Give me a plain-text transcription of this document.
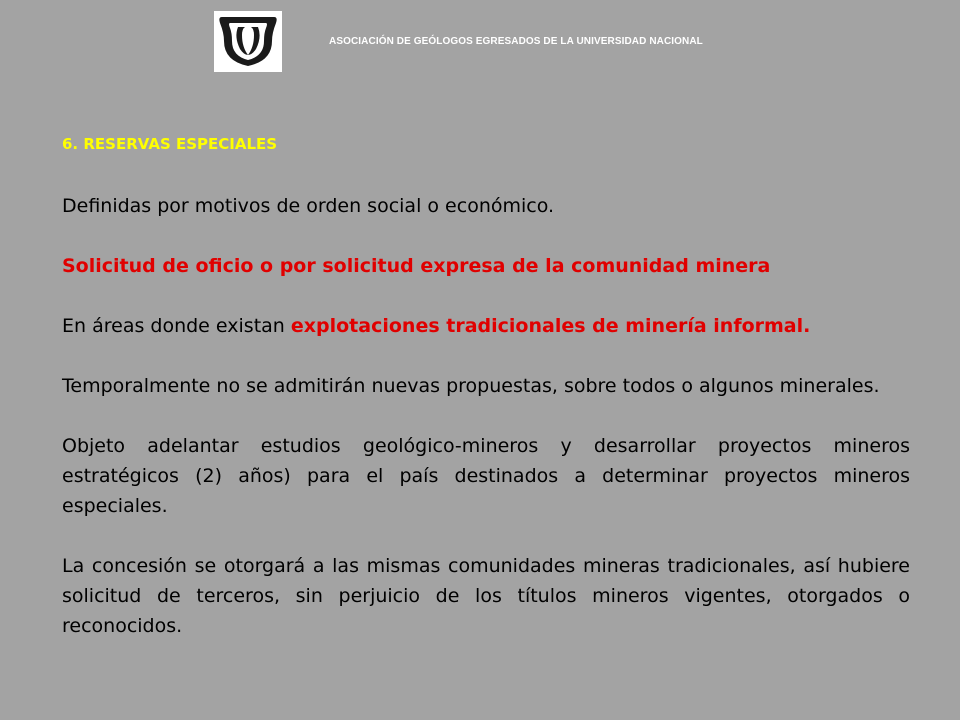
ASOCIACIÓN DE GEÓLOGOS EGRESADOS DE LA UNIVERSIDAD NACIONAL

6. RESERVAS ESPECIALES

Definidas por motivos de orden social o económico.

Solicitud de oficio o por solicitud expresa de la comunidad minera

En áreas donde existan explotaciones tradicionales de minería informal.

Temporalmente no se admitirán nuevas propuestas, sobre todos o algunos minerales.

Objeto adelantar estudios geológico-mineros y desarrollar proyectos mineros estratégicos (2) años) para el país destinados a determinar proyectos mineros especiales.

La concesión se otorgará a las mismas comunidades mineras tradicionales, así hubiere solicitud de terceros, sin perjuicio de los títulos mineros vigentes, otorgados o reconocidos.
